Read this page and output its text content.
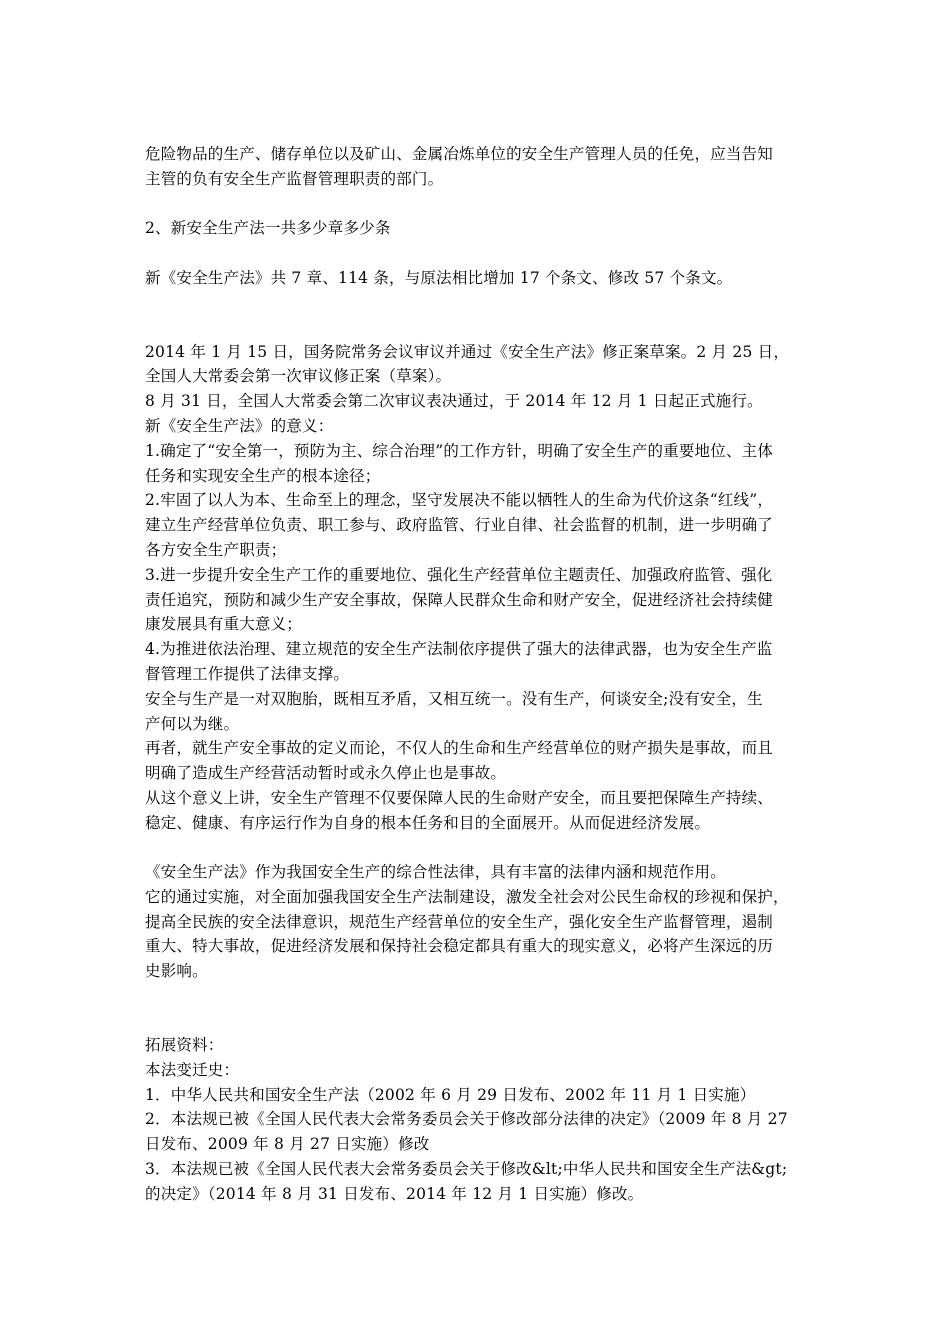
危险物品的生产、储存单位以及矿山、金属冶炼单位的安全生产管理人员的任免，应当告知
主管的负有安全生产监督管理职责的部门。
2、新安全生产法一共多少章多少条
新《安全生产法》共 7 章、114 条，与原法相比增加 17 个条文、修改 57 个条文。
2014 年 1 月 15 日，国务院常务会议审议并通过《安全生产法》修正案草案。2 月 25 日，
全国人大常委会第一次审议修正案（草案）。
8 月 31 日，全国人大常委会第二次审议表决通过，于 2014 年 12 月 1 日起正式施行。
新《安全生产法》的意义：
1.确定了“安全第一，预防为主、综合治理”的工作方针，明确了安全生产的重要地位、主体
任务和实现安全生产的根本途径；
2.牢固了以人为本、生命至上的理念，坚守发展决不能以牺牲人的生命为代价这条“红线”，
建立生产经营单位负责、职工参与、政府监管、行业自律、社会监督的机制，进一步明确了
各方安全生产职责；
3.进一步提升安全生产工作的重要地位、强化生产经营单位主题责任、加强政府监管、强化
责任追究，预防和减少生产安全事故，保障人民群众生命和财产安全，促进经济社会持续健
康发展具有重大意义；
4.为推进依法治理、建立规范的安全生产法制依序提供了强大的法律武器，也为安全生产监
督管理工作提供了法律支撑。
安全与生产是一对双胞胎，既相互矛盾，又相互统一。没有生产，何谈安全;没有安全，生
产何以为继。
再者，就生产安全事故的定义而论，不仅人的生命和生产经营单位的财产损失是事故，而且
明确了造成生产经营活动暂时或永久停止也是事故。
从这个意义上讲，安全生产管理不仅要保障人民的生命财产安全，而且要把保障生产持续、
稳定、健康、有序运行作为自身的根本任务和目的全面展开。从而促进经济发展。
《安全生产法》作为我国安全生产的综合性法律，具有丰富的法律内涵和规范作用。
它的通过实施，对全面加强我国安全生产法制建设，激发全社会对公民生命权的珍视和保护，
提高全民族的安全法律意识，规范生产经营单位的安全生产，强化安全生产监督管理，遏制
重大、特大事故，促进经济发展和保持社会稳定都具有重大的现实意义，必将产生深远的历
史影响。
拓展资料：
本法变迁史：
1．中华人民共和国安全生产法（2002 年 6 月 29 日发布、2002 年 11 月 1 日实施）
2．本法规已被《全国人民代表大会常务委员会关于修改部分法律的决定》（2009 年 8 月 27
日发布、2009 年 8 月 27 日实施）修改
3．本法规已被《全国人民代表大会常务委员会关于修改&lt;中华人民共和国安全生产法&gt;
的决定》（2014 年 8 月 31 日发布、2014 年 12 月 1 日实施）修改。
